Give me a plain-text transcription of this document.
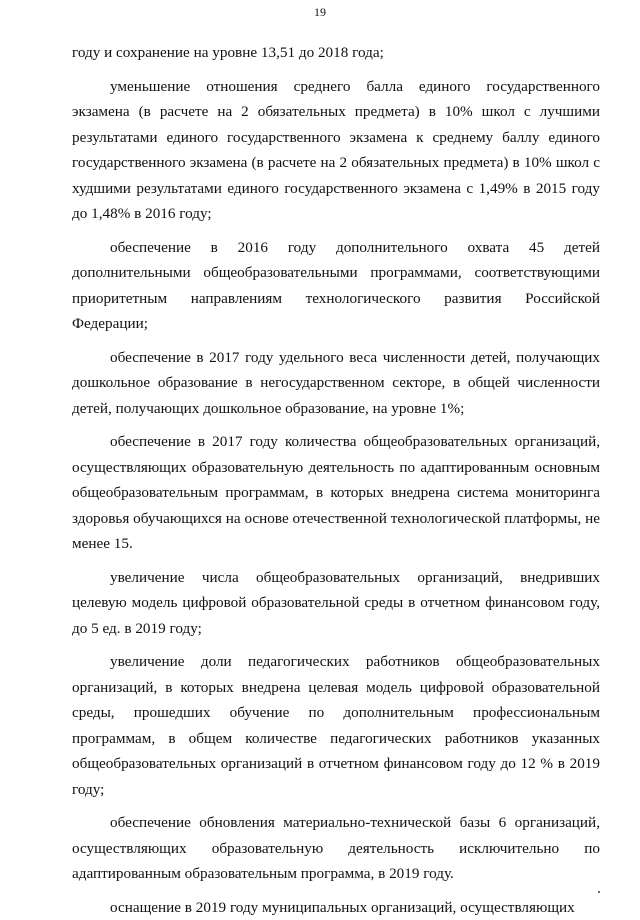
19

году и сохранение на уровне 13,51 до 2018 года;

уменьшение отношения среднего балла единого государственного экзамена (в расчете на 2 обязательных предмета) в 10% школ с лучшими результатами единого государственного экзамена к среднему баллу единого государственного экзамена (в расчете на 2 обязательных предмета) в 10% школ с худшими результатами единого государственного экзамена с 1,49% в 2015 году до 1,48% в 2016 году;

обеспечение в 2016 году дополнительного охвата 45 детей дополнительными общеобразовательными программами, соответствующими приоритетным направлениям технологического развития Российской Федерации;

обеспечение в 2017 году удельного веса численности детей, получающих дошкольное образование в негосударственном секторе, в общей численности детей, получающих дошкольное образование, на уровне 1%;

обеспечение в 2017 году количества общеобразовательных организаций, осуществляющих образовательную деятельность по адаптированным основным общеобразовательным программам, в которых внедрена система мониторинга здоровья обучающихся на основе отечественной технологической платформы, не менее 15.

увеличение числа общеобразовательных организаций, внедривших целевую модель цифровой образовательной среды в отчетном финансовом году, до 5 ед. в 2019 году;

увеличение доли педагогических работников общеобразовательных организаций, в которых внедрена целевая модель цифровой образовательной среды, прошедших обучение по дополнительным профессиональным программам, в общем количестве педагогических работников указанных общеобразовательных организаций в отчетном финансовом году до 12 % в 2019 году;

обеспечение обновления материально-технической базы 6 организаций, осуществляющих образовательную деятельность исключительно по адаптированным образовательным программа, в 2019 году.

оснащение в 2019 году муниципальных организаций, осуществляющих
